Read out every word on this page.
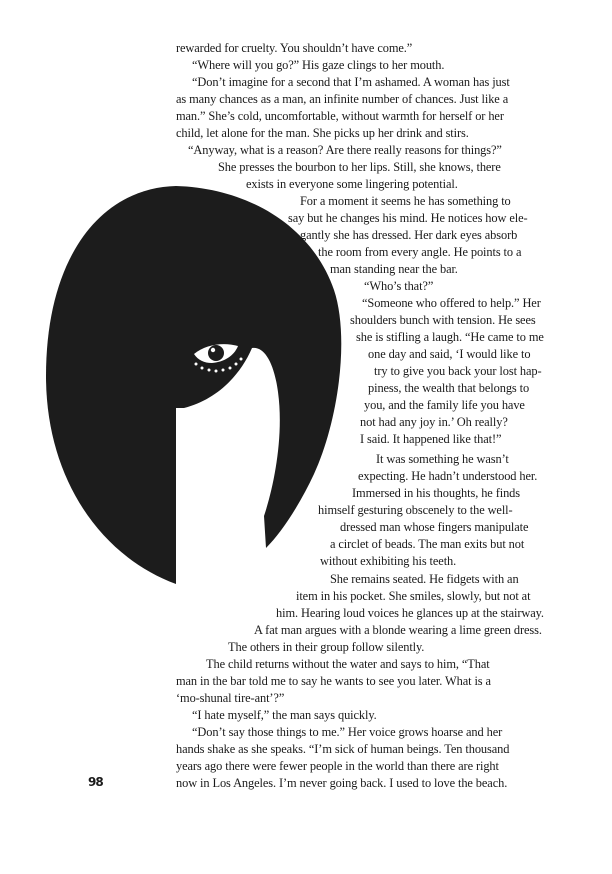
rewarded for cruelty. You shouldn’t have come.”
“Where will you go?” His gaze clings to her mouth.
“Don’t imagine for a second that I’m ashamed. A woman has just
as many chances as a man, an infinite number of chances. Just like a
man.” She’s cold, uncomfortable, without warmth for herself or her
child, let alone for the man. She picks up her drink and stirs.
“Anyway, what is a reason? Are there really reasons for things?”
She presses the bourbon to her lips. Still, she knows, there
exists in everyone some lingering potential.
For a moment it seems he has something to
say but he changes his mind. He notices how ele-
gantly she has dressed. Her dark eyes absorb
the room from every angle. He points to a
man standing near the bar.
“Who’s that?”
“Someone who offered to help.” Her
shoulders bunch with tension. He sees
she is stifling a laugh. “He came to me
one day and said, ‘I would like to
try to give you back your lost hap-
piness, the wealth that belongs to
you, and the family life you have
not had any joy in.’ Oh really?
I said. It happened like that!”
It was something he wasn’t
expecting. He hadn’t understood her.
Immersed in his thoughts, he finds
himself gesturing obscenely to the well-
dressed man whose fingers manipulate
a circlet of beads. The man exits but not
without exhibiting his teeth.
She remains seated. He fidgets with an
item in his pocket. She smiles, slowly, but not at
him. Hearing loud voices he glances up at the stairway.
A fat man argues with a blonde wearing a lime green dress.
The others in their group follow silently.
The child returns without the water and says to him, “That
man in the bar told me to say he wants to see you later. What is a
‘mo-shunal tire-ant’?”
“I hate myself,” the man says quickly.
“Don’t say those things to me.” Her voice grows hoarse and her
hands shake as she speaks. “I’m sick of human beings. Ten thousand
years ago there were fewer people in the world than there are right
now in Los Angeles. I’m never going back. I used to love the beach.
98
